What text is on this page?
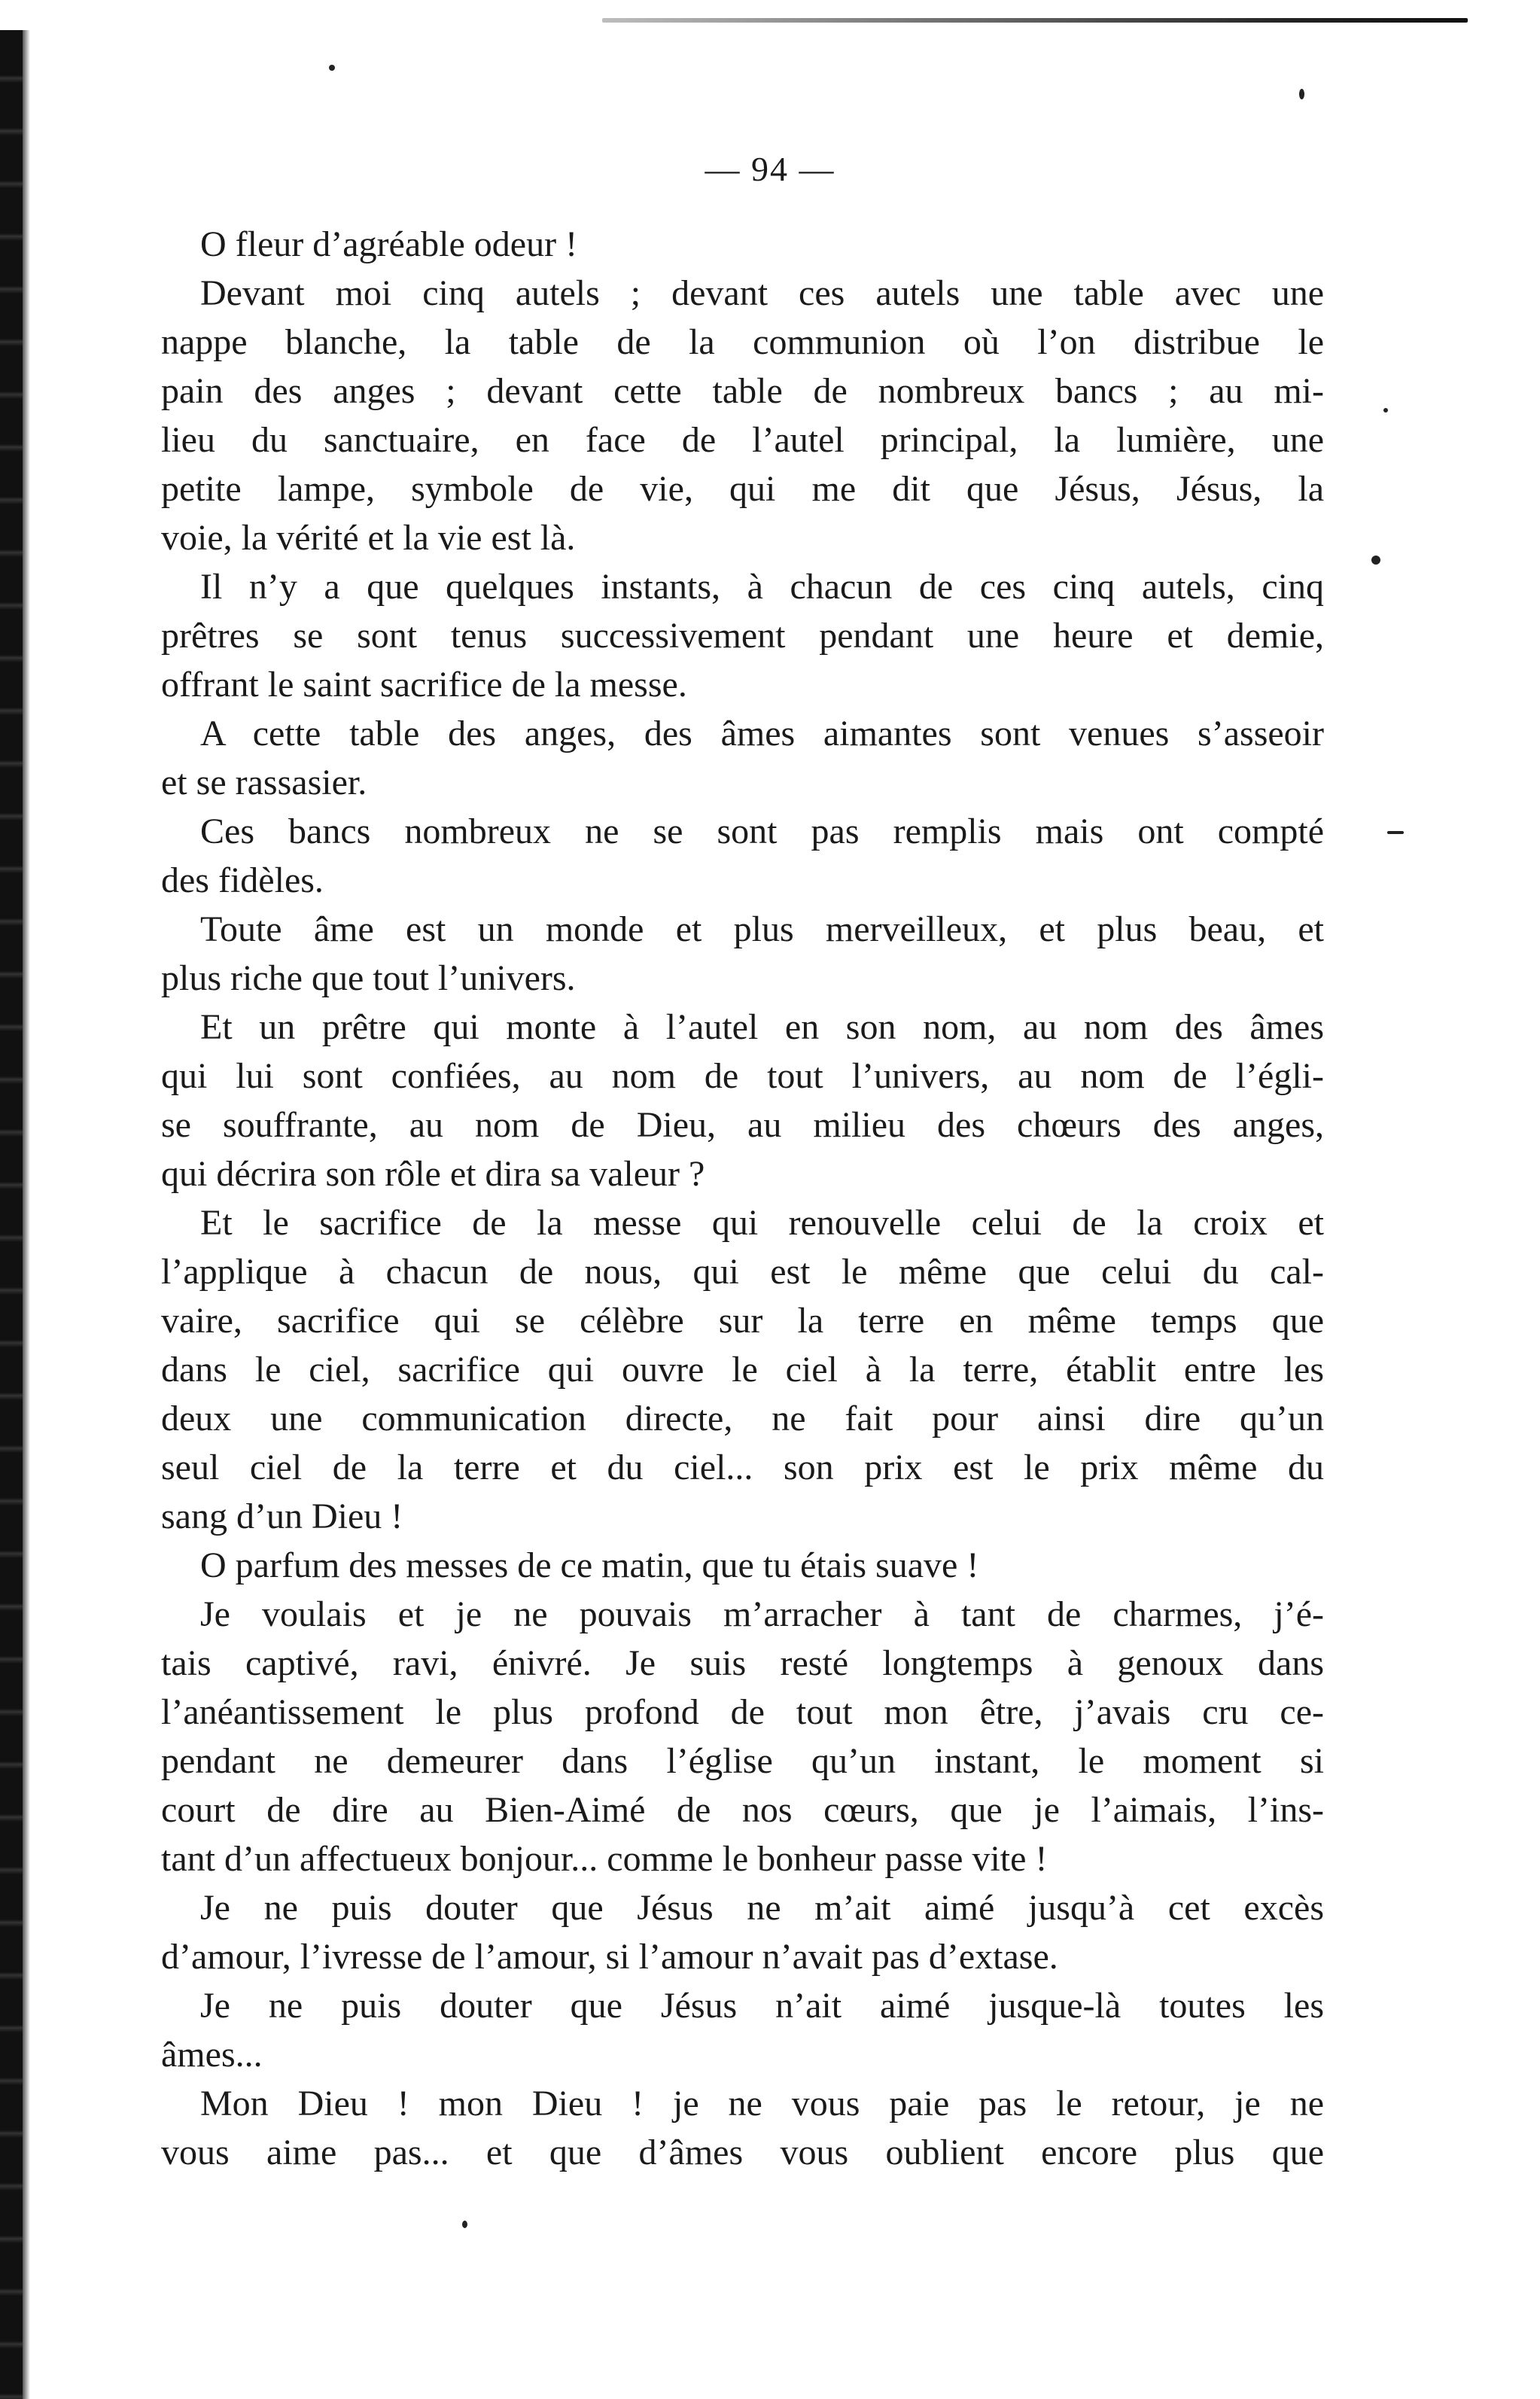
— 94 —
O fleur d’agréable odeur !
Devant moi cinq autels ; devant ces autels une table avec une
nappe blanche, la table de la communion où l’on distribue le
pain des anges ; devant cette table de nombreux bancs ; au mi-
lieu du sanctuaire, en face de l’autel principal, la lumière, une
petite lampe, symbole de vie, qui me dit que Jésus, Jésus, la
voie, la vérité et la vie est là.
Il n’y a que quelques instants, à chacun de ces cinq autels, cinq
prêtres se sont tenus successivement pendant une heure et demie,
offrant le saint sacrifice de la messe.
A cette table des anges, des âmes aimantes sont venues s’asseoir
et se rassasier.
Ces bancs nombreux ne se sont pas remplis mais ont compté
des fidèles.
Toute âme est un monde et plus merveilleux, et plus beau, et
plus riche que tout l’univers.
Et un prêtre qui monte à l’autel en son nom, au nom des âmes
qui lui sont confiées, au nom de tout l’univers, au nom de l’égli-
se souffrante, au nom de Dieu, au milieu des chœurs des anges,
qui décrira son rôle et dira sa valeur ?
Et le sacrifice de la messe qui renouvelle celui de la croix et
l’applique à chacun de nous, qui est le même que celui du cal-
vaire, sacrifice qui se célèbre sur la terre en même temps que
dans le ciel, sacrifice qui ouvre le ciel à la terre, établit entre les
deux une communication directe, ne fait pour ainsi dire qu’un
seul ciel de la terre et du ciel... son prix est le prix même du
sang d’un Dieu !
O parfum des messes de ce matin, que tu étais suave !
Je voulais et je ne pouvais m’arracher à tant de charmes, j’é-
tais captivé, ravi, énivré. Je suis resté longtemps à genoux dans
l’anéantissement le plus profond de tout mon être, j’avais cru ce-
pendant ne demeurer dans l’église qu’un instant, le moment si
court de dire au Bien-Aimé de nos cœurs, que je l’aimais, l’ins-
tant d’un affectueux bonjour... comme le bonheur passe vite !
Je ne puis douter que Jésus ne m’ait aimé jusqu’à cet excès
d’amour, l’ivresse de l’amour, si l’amour n’avait pas d’extase.
Je ne puis douter que Jésus n’ait aimé jusque-là toutes les
âmes...
Mon Dieu ! mon Dieu ! je ne vous paie pas le retour, je ne
vous aime pas... et que d’âmes vous oublient encore plus que
